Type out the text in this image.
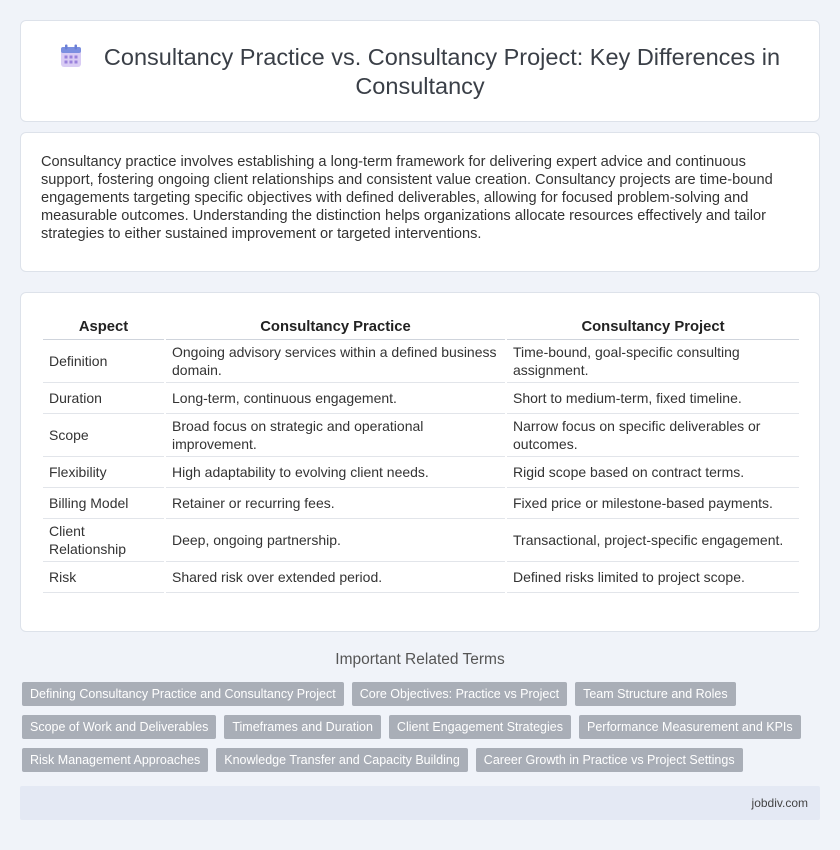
Consultancy Practice vs. Consultancy Project: Key Differences in Consultancy

Consultancy practice involves establishing a long-term framework for delivering expert advice and continuous support, fostering ongoing client relationships and consistent value creation. Consultancy projects are time-bound engagements targeting specific objectives with defined deliverables, allowing for focused problem-solving and measurable outcomes. Understanding the distinction helps organizations allocate resources effectively and tailor strategies to either sustained improvement or targeted interventions.

Aspect	Consultancy Practice	Consultancy Project
Definition	Ongoing advisory services within a defined business domain.	Time-bound, goal-specific consulting assignment.
Duration	Long-term, continuous engagement.	Short to medium-term, fixed timeline.
Scope	Broad focus on strategic and operational improvement.	Narrow focus on specific deliverables or outcomes.
Flexibility	High adaptability to evolving client needs.	Rigid scope based on contract terms.
Billing Model	Retainer or recurring fees.	Fixed price or milestone-based payments.
Client Relationship	Deep, ongoing partnership.	Transactional, project-specific engagement.
Risk	Shared risk over extended period.	Defined risks limited to project scope.
Important Related Terms
Defining Consultancy Practice and Consultancy Project	Core Objectives: Practice vs Project	Team Structure and Roles
Scope of Work and Deliverables	Timeframes and Duration	Client Engagement Strategies	Performance Measurement and KPIs
Risk Management Approaches	Knowledge Transfer and Capacity Building	Career Growth in Practice vs Project Settings
jobdiv.com
